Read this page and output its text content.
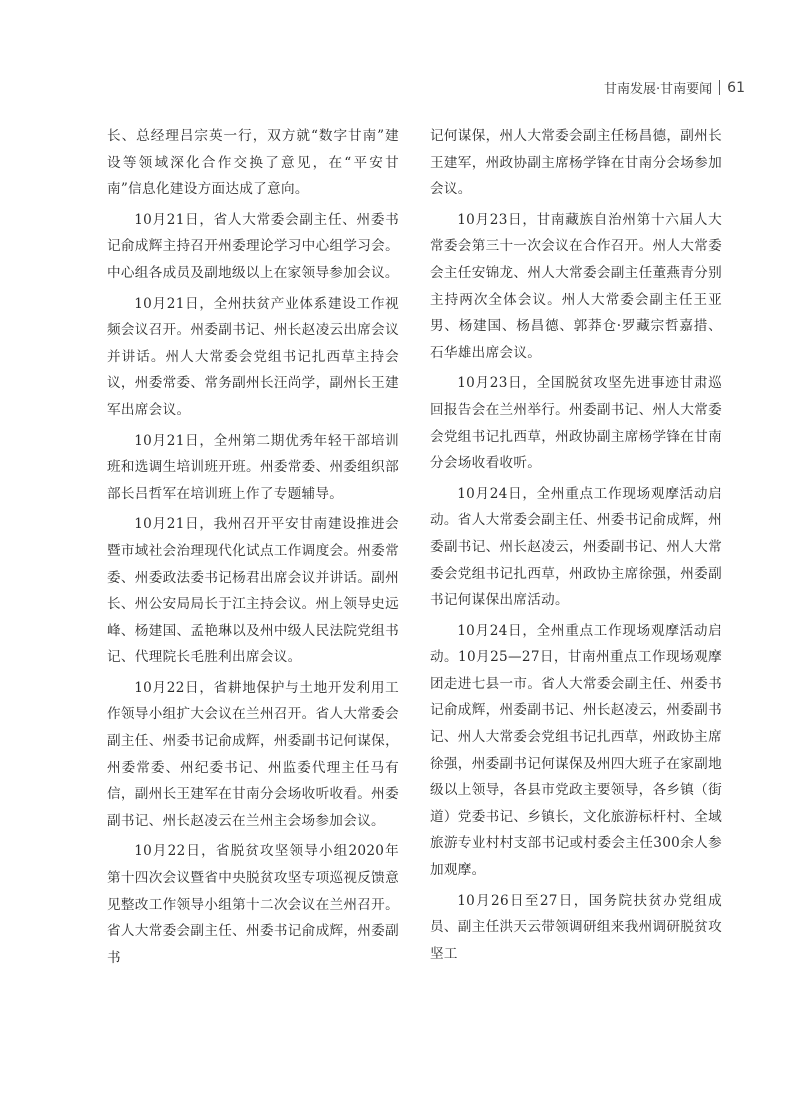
甘南发展·甘南要闻 61

长、总经理吕宗英一行，双方就“数字甘南”建设等领域深化合作交换了意见，在“平安甘南”信息化建设方面达成了意向。

10月21日，省人大常委会副主任、州委书记俞成辉主持召开州委理论学习中心组学习会。中心组各成员及副地级以上在家领导参加会议。

10月21日，全州扶贫产业体系建设工作视频会议召开。州委副书记、州长赵凌云出席会议并讲话。州人大常委会党组书记扎西草主持会议，州委常委、常务副州长汪尚学，副州长王建军出席会议。

10月21日，全州第二期优秀年轻干部培训班和选调生培训班开班。州委常委、州委组织部部长吕哲军在培训班上作了专题辅导。

10月21日，我州召开平安甘南建设推进会暨市域社会治理现代化试点工作调度会。州委常委、州委政法委书记杨君出席会议并讲话。副州长、州公安局局长于江主持会议。州上领导史远峰、杨建国、孟艳琳以及州中级人民法院党组书记、代理院长毛胜利出席会议。

10月22日，省耕地保护与土地开发利用工作领导小组扩大会议在兰州召开。省人大常委会副主任、州委书记俞成辉，州委副书记何谋保，州委常委、州纪委书记、州监委代理主任马有信，副州长王建军在甘南分会场收听收看。州委副书记、州长赵凌云在兰州主会场参加会议。

10月22日，省脱贫攻坚领导小组2020年第十四次会议暨省中央脱贫攻坚专项巡视反馈意见整改工作领导小组第十二次会议在兰州召开。省人大常委会副主任、州委书记俞成辉，州委副书

记何谋保，州人大常委会副主任杨昌德，副州长王建军，州政协副主席杨学锋在甘南分会场参加会议。

10月23日，甘南藏族自治州第十六届人大常委会第三十一次会议在合作召开。州人大常委会主任安锦龙、州人大常委会副主任董燕青分别主持两次全体会议。州人大常委会副主任王亚男、杨建国、杨昌德、郭莽仓·罗藏宗哲嘉措、石华雄出席会议。

10月23日，全国脱贫攻坚先进事迹甘肃巡回报告会在兰州举行。州委副书记、州人大常委会党组书记扎西草，州政协副主席杨学锋在甘南分会场收看收听。

10月24日，全州重点工作现场观摩活动启动。省人大常委会副主任、州委书记俞成辉，州委副书记、州长赵凌云，州委副书记、州人大常委会党组书记扎西草，州政协主席徐强，州委副书记何谋保出席活动。

10月24日，全州重点工作现场观摩活动启动。10月25—27日，甘南州重点工作现场观摩团走进七县一市。省人大常委会副主任、州委书记俞成辉，州委副书记、州长赵凌云，州委副书记、州人大常委会党组书记扎西草，州政协主席徐强，州委副书记何谋保及州四大班子在家副地级以上领导，各县市党政主要领导，各乡镇（街道）党委书记、乡镇长，文化旅游标杆村、全域旅游专业村村支部书记或村委会主任300余人参加观摩。

10月26日至27日，国务院扶贫办党组成员、副主任洪天云带领调研组来我州调研脱贫攻坚工
